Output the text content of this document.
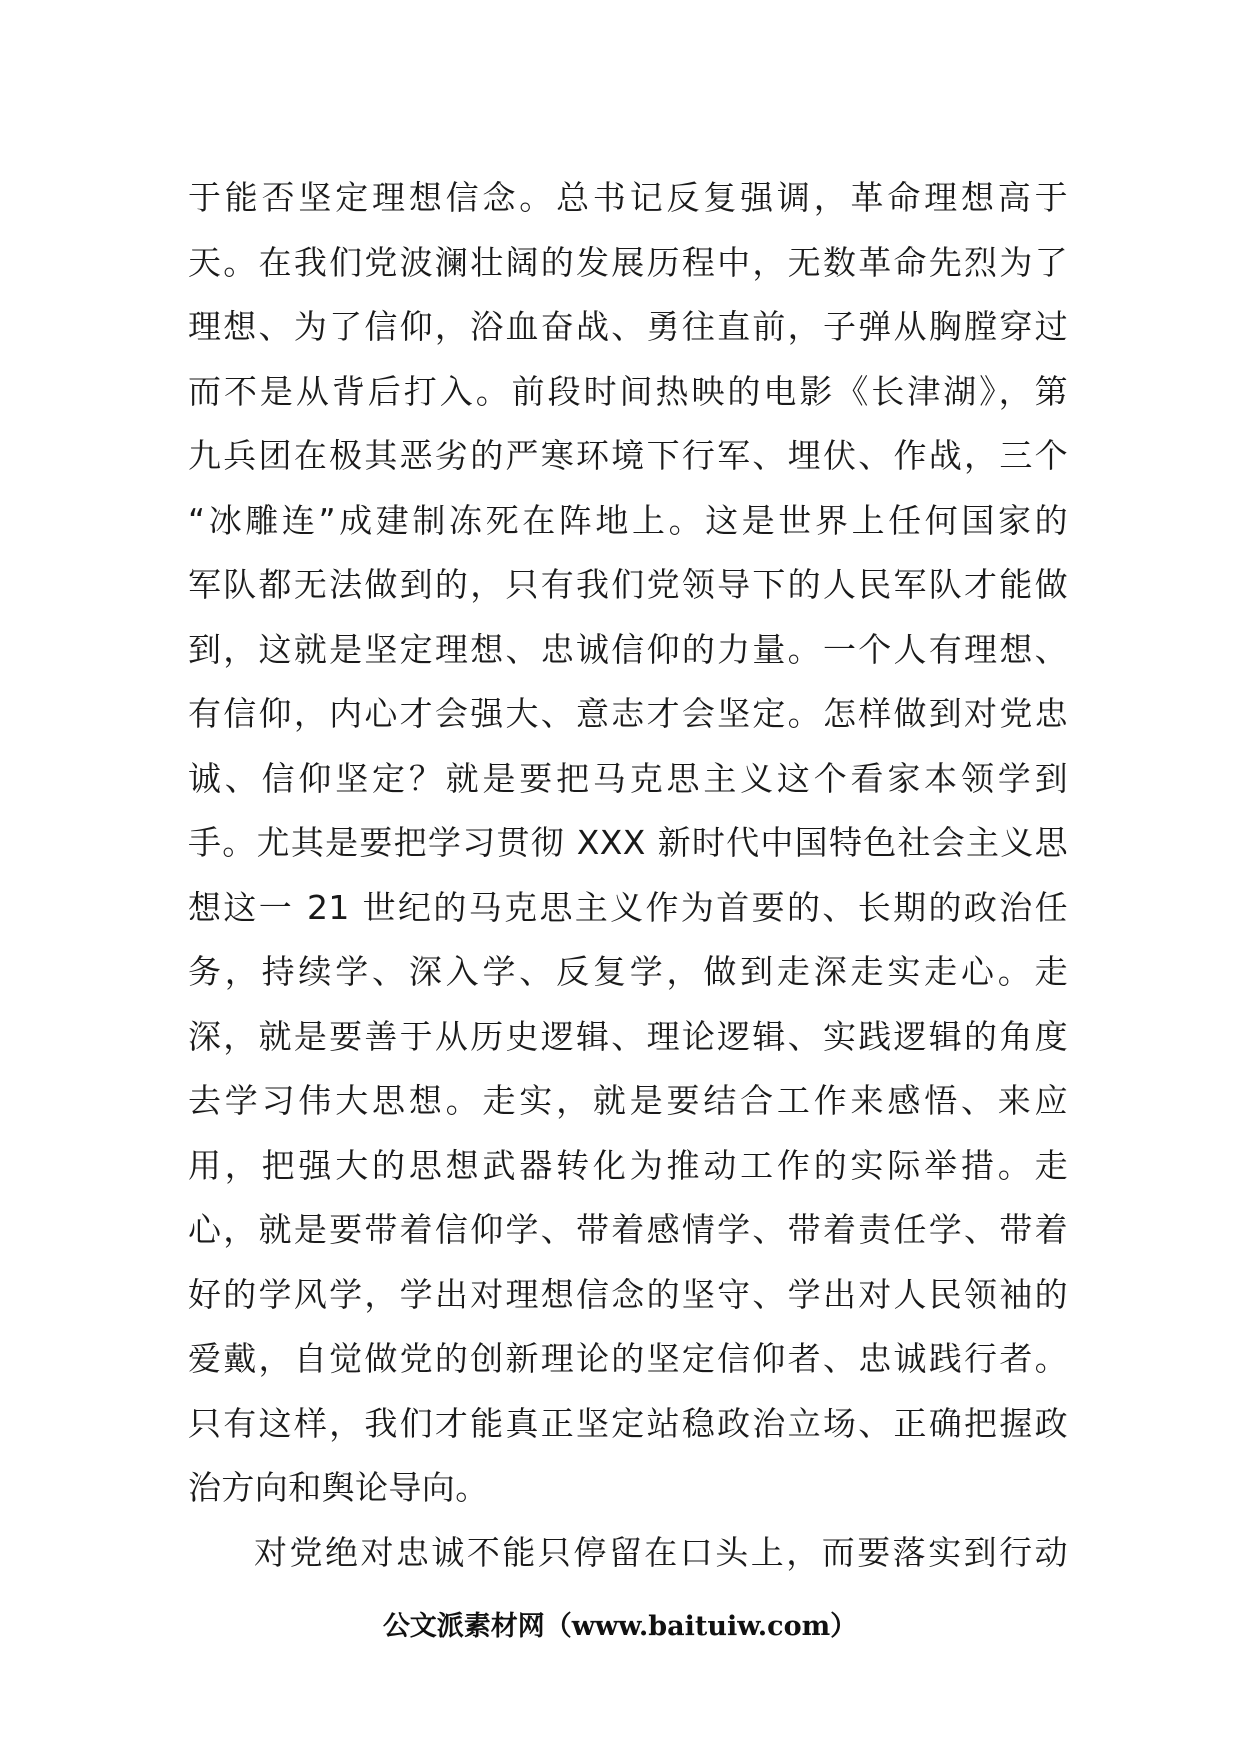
于能否坚定理想信念。总书记反复强调，革命理想高于
天。在我们党波澜壮阔的发展历程中，无数革命先烈为了
理想、为了信仰，浴血奋战、勇往直前，子弹从胸膛穿过
而不是从背后打入。前段时间热映的电影《长津湖》，第
九兵团在极其恶劣的严寒环境下行军、埋伏、作战，三个
“冰雕连”成建制冻死在阵地上。这是世界上任何国家的
军队都无法做到的，只有我们党领导下的人民军队才能做
到，这就是坚定理想、忠诚信仰的力量。一个人有理想、
有信仰，内心才会强大、意志才会坚定。怎样做到对党忠
诚、信仰坚定？就是要把马克思主义这个看家本领学到
手。尤其是要把学习贯彻 XXX 新时代中国特色社会主义思
想这一 21 世纪的马克思主义作为首要的、长期的政治任
务，持续学、深入学、反复学，做到走深走实走心。走
深，就是要善于从历史逻辑、理论逻辑、实践逻辑的角度
去学习伟大思想。走实，就是要结合工作来感悟、来应
用，把强大的思想武器转化为推动工作的实际举措。走
心，就是要带着信仰学、带着感情学、带着责任学、带着
好的学风学，学出对理想信念的坚守、学出对人民领袖的
爱戴，自觉做党的创新理论的坚定信仰者、忠诚践行者。
只有这样，我们才能真正坚定站稳政治立场、正确把握政
治方向和舆论导向。
对党绝对忠诚不能只停留在口头上，而要落实到行动
公文派素材网（www.baituiw.com）
